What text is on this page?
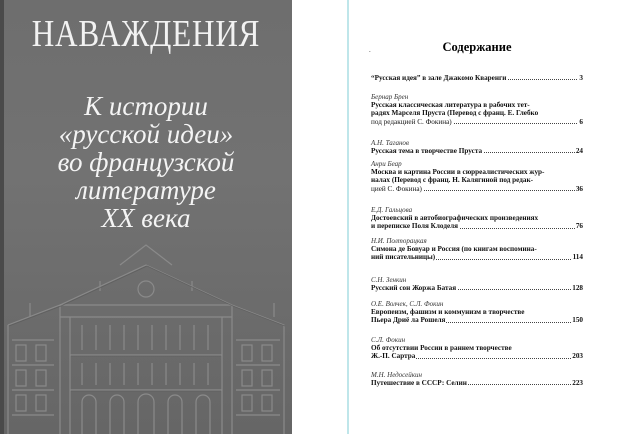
НАВАЖДЕНИЯ
К истории
«русской идеи»
во французской
литературе
XX века
.	Содержание
“Русская идея” в зале Джакомо Кваренги	3
Бернар Брен
Русская классическая литература в рабочих тет-
радях Марселя Пруста (Перевод с франц. Е. Глебко
под редакцией С. Фокина)	6
А.Н. Таганов
Русская тема в творчестве Пруста	24
Анри Беар
Москва и картина России в сюрреалистических жур-
налах (Перевод с франц. Н. Калягиной под редак-
цией С. Фокина)	36
Е.Д. Гальцова
Достоевский в автобиографических произведениях
и переписке Поля Клоделя	76
Н.И. Полторацкая
Симона де Бовуар и Россия (по книгам воспомина-
ний писательницы)	114
С.Н. Зенкин
Русский сон Жоржа Батая	128
О.Е. Волчек, С.Л. Фокин
Европеизм, фашизм и коммунизм в творчестве
Пьера Дриё ла Рошеля	150
С.Л. Фокин
Об отсутствии России в раннем творчестве
Ж.-П. Сартра	203
М.Н. Недосейкин
Путешествие в СССР: Селин	223
